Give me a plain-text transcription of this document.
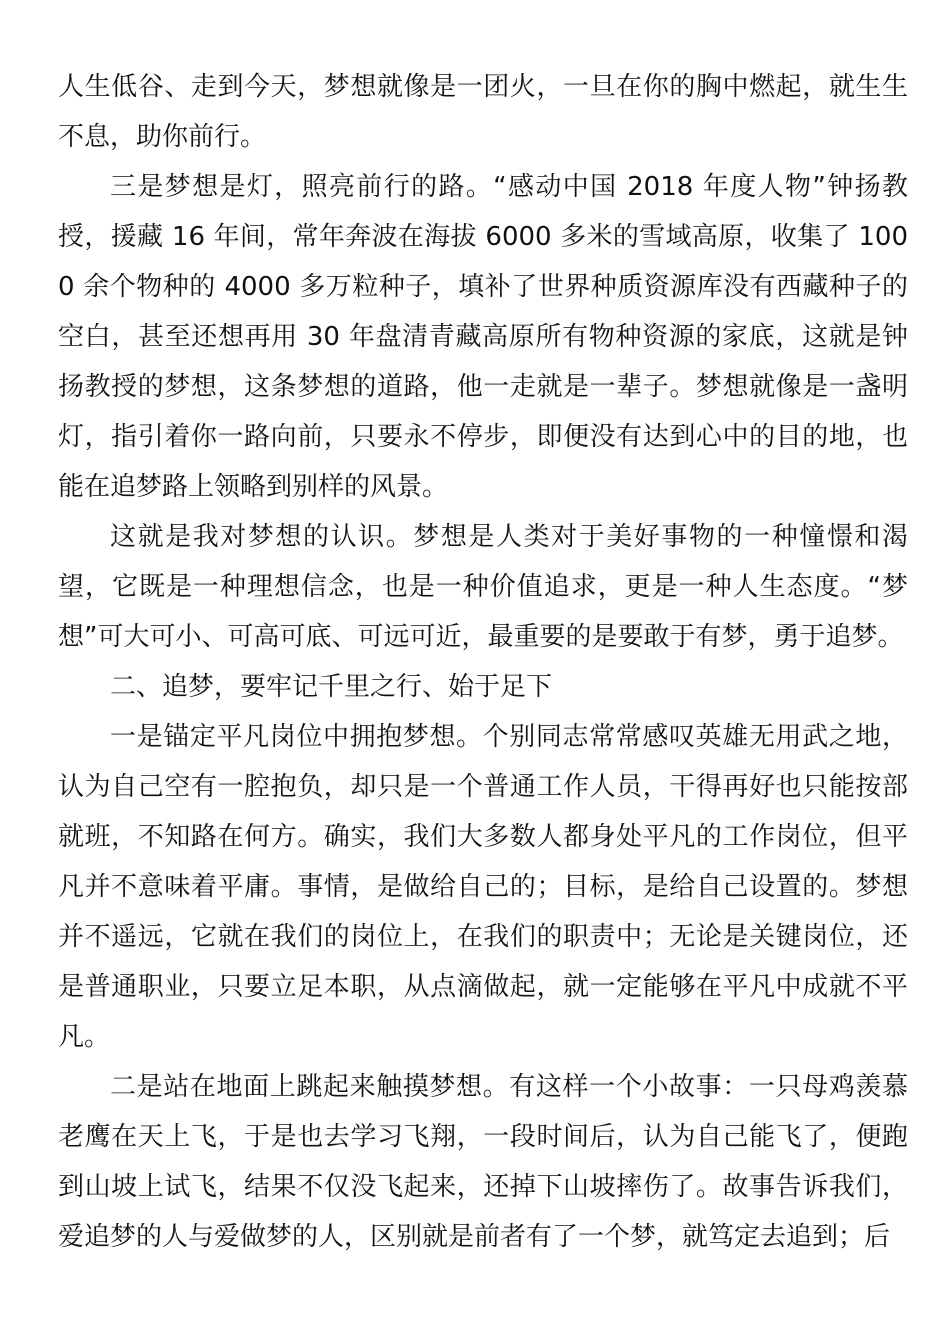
人生低谷、走到今天，梦想就像是一团火，一旦在你的胸中燃起，就生生不息，助你前行。

三是梦想是灯，照亮前行的路。“感动中国 2018 年度人物”钟扬教授，援藏 16 年间，常年奔波在海拔 6000 多米的雪域高原，收集了 1000 余个物种的 4000 多万粒种子，填补了世界种质资源库没有西藏种子的空白，甚至还想再用 30 年盘清青藏高原所有物种资源的家底，这就是钟扬教授的梦想，这条梦想的道路，他一走就是一辈子。梦想就像是一盏明灯，指引着你一路向前，只要永不停步，即便没有达到心中的目的地，也能在追梦路上领略到别样的风景。

这就是我对梦想的认识。梦想是人类对于美好事物的一种憧憬和渴望，它既是一种理想信念，也是一种价值追求，更是一种人生态度。“梦想”可大可小、可高可底、可远可近，最重要的是要敢于有梦，勇于追梦。

二、追梦，要牢记千里之行、始于足下

一是锚定平凡岗位中拥抱梦想。个别同志常常感叹英雄无用武之地，认为自己空有一腔抱负，却只是一个普通工作人员，干得再好也只能按部就班，不知路在何方。确实，我们大多数人都身处平凡的工作岗位，但平凡并不意味着平庸。事情，是做给自己的；目标，是给自己设置的。梦想并不遥远，它就在我们的岗位上，在我们的职责中；无论是关键岗位，还是普通职业，只要立足本职，从点滴做起，就一定能够在平凡中成就不平凡。

二是站在地面上跳起来触摸梦想。有这样一个小故事：一只母鸡羡慕老鹰在天上飞，于是也去学习飞翔，一段时间后，认为自己能飞了，便跑到山坡上试飞，结果不仅没飞起来，还掉下山坡摔伤了。故事告诉我们，爱追梦的人与爱做梦的人，区别就是前者有了一个梦，就笃定去追到；后
